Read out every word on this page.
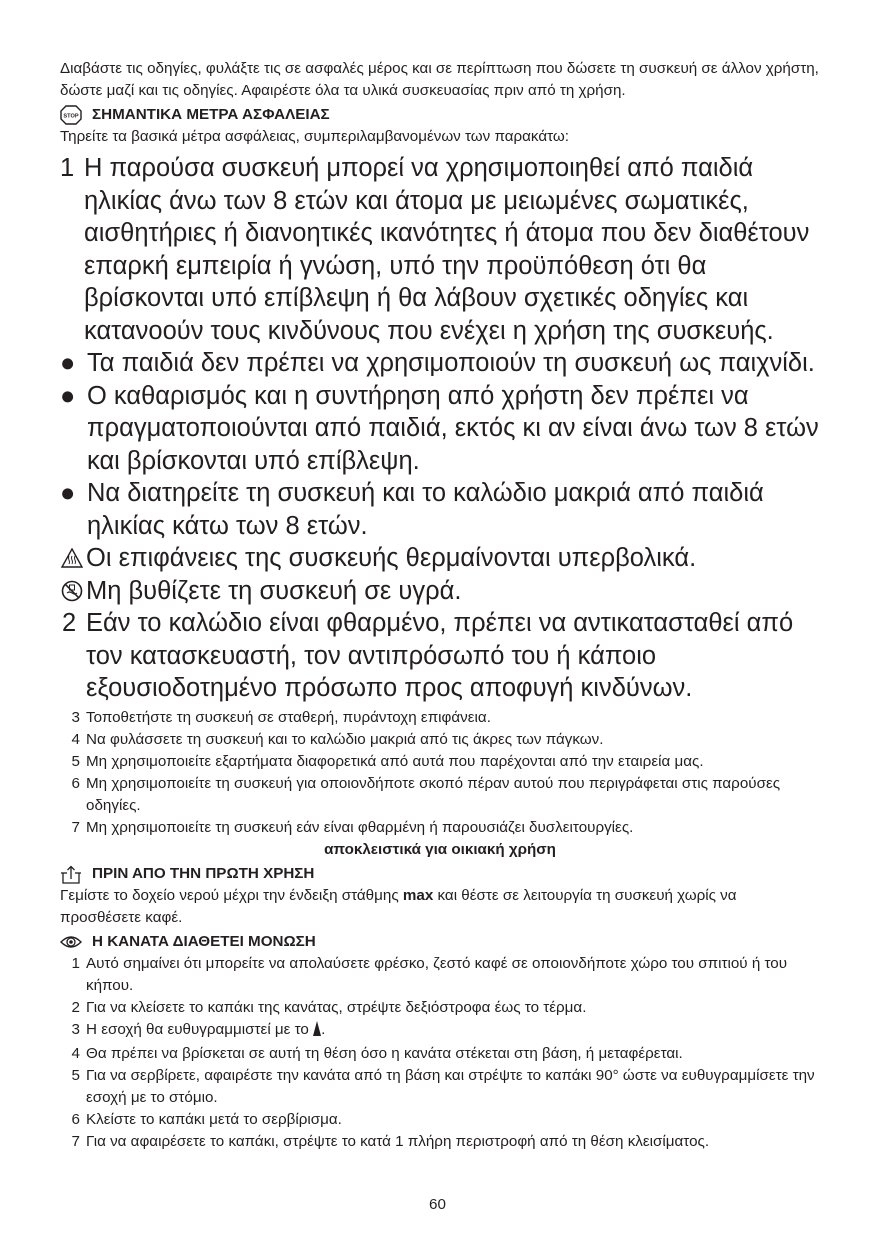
Διαβάστε τις οδηγίες, φυλάξτε τις σε ασφαλές μέρος και σε περίπτωση που δώσετε τη συσκευή σε άλλον χρήστη, δώστε μαζί και τις οδηγίες. Αφαιρέστε όλα τα υλικά συσκευασίας πριν από τη χρήση.

STOP ΣΗΜΑΝΤΙΚΑ ΜΕΤΡΑ ΑΣΦΑΛΕΙΑΣ
Τηρείτε τα βασικά μέτρα ασφάλειας, συμπεριλαμβανομένων των παρακάτω:
1 Η παρούσα συσκευή μπορεί να χρησιμοποιηθεί από παιδιά ηλικίας άνω των 8 ετών και άτομα με μειωμένες σωματικές, αισθητήριες ή διανοητικές ικανότητες ή άτομα που δεν διαθέτουν επαρκή εμπειρία ή γνώση, υπό την προϋπόθεση ότι θα βρίσκονται υπό επίβλεψη ή θα λάβουν σχετικές οδηγίες και κατανοούν τους κινδύνους που ενέχει η χρήση της συσκευής.
● Τα παιδιά δεν πρέπει να χρησιμοποιούν τη συσκευή ως παιχνίδι.
● Ο καθαρισμός και η συντήρηση από χρήστη δεν πρέπει να πραγματοποιούνται από παιδιά, εκτός κι αν είναι άνω των 8 ετών και βρίσκονται υπό επίβλεψη.
● Να διατηρείτε τη συσκευή και το καλώδιο μακριά από παιδιά ηλικίας κάτω των 8 ετών.
Οι επιφάνειες της συσκευής θερμαίνονται υπερβολικά.
Μη βυθίζετε τη συσκευή σε υγρά.
2 Εάν το καλώδιο είναι φθαρμένο, πρέπει να αντικατασταθεί από τον κατασκευαστή, τον αντιπρόσωπό του ή κάποιο εξουσιοδοτημένο πρόσωπο προς αποφυγή κινδύνων.
3 Τοποθετήστε τη συσκευή σε σταθερή, πυράντοχη επιφάνεια.
4 Να φυλάσσετε τη συσκευή και το καλώδιο μακριά από τις άκρες των πάγκων.
5 Μη χρησιμοποιείτε εξαρτήματα διαφορετικά από αυτά που παρέχονται από την εταιρεία μας.
6 Μη χρησιμοποιείτε τη συσκευή για οποιονδήποτε σκοπό πέραν αυτού που περιγράφεται στις παρούσες οδηγίες.
7 Μη χρησιμοποιείτε τη συσκευή εάν είναι φθαρμένη ή παρουσιάζει δυσλειτουργίες.
αποκλειστικά για οικιακή χρήση
ΠΡΙΝ ΑΠΟ ΤΗΝ ΠΡΩΤΗ ΧΡΗΣΗ
Γεμίστε το δοχείο νερού μέχρι την ένδειξη στάθμης max και θέστε σε λειτουργία τη συσκευή χωρίς να προσθέσετε καφέ.
Η ΚΑΝΑΤΑ ΔΙΑΘΕΤΕΙ ΜΟΝΩΣΗ
1 Αυτό σημαίνει ότι μπορείτε να απολαύσετε φρέσκο, ζεστό καφέ σε οποιονδήποτε χώρο του σπιτιού ή του κήπου.
2 Για να κλείσετε το καπάκι της κανάτας, στρέψτε δεξιόστροφα έως το τέρμα.
3 Η εσοχή θα ευθυγραμμιστεί με το .
4 Θα πρέπει να βρίσκεται σε αυτή τη θέση όσο η κανάτα στέκεται στη βάση, ή μεταφέρεται.
5 Για να σερβίρετε, αφαιρέστε την κανάτα από τη βάση και στρέψτε το καπάκι 90° ώστε να ευθυγραμμίσετε την εσοχή με το στόμιο.
6 Κλείστε το καπάκι μετά το σερβίρισμα.
7 Για να αφαιρέσετε το καπάκι, στρέψτε το κατά 1 πλήρη περιστροφή από τη θέση κλεισίματος.
60
